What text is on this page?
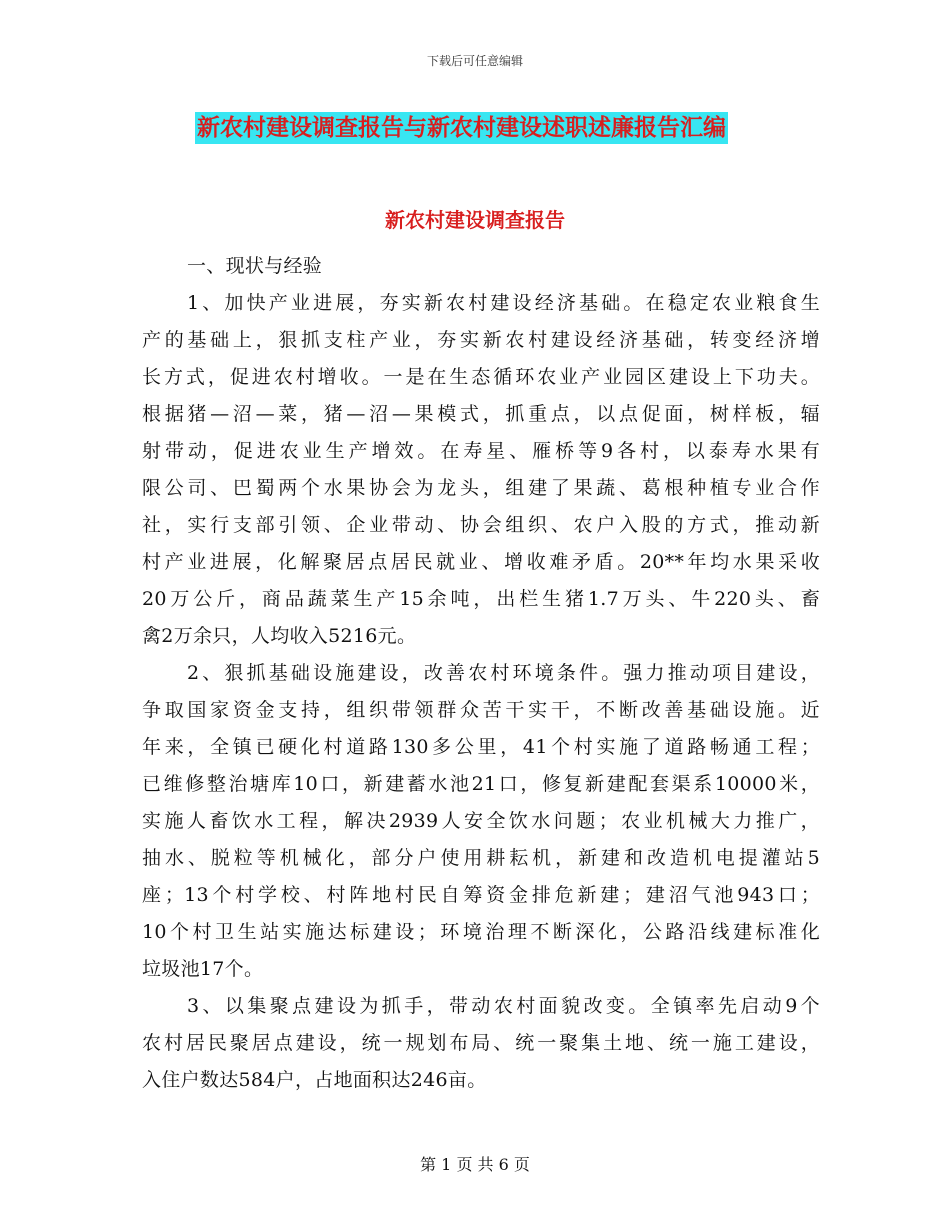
下载后可任意编辑
新农村建设调查报告与新农村建设述职述廉报告汇编
新农村建设调查报告
一、现状与经验
1、加快产业进展，夯实新农村建设经济基础。在稳定农业粮食生
产的基础上，狠抓支柱产业，夯实新农村建设经济基础，转变经济增
长方式，促进农村增收。一是在生态循环农业产业园区建设上下功夫。
根据猪—沼—菜，猪—沼—果模式，抓重点，以点促面，树样板，辐
射带动，促进农业生产增效。在寿星、雁桥等9各村，以泰寿水果有
限公司、巴蜀两个水果协会为龙头，组建了果蔬、葛根种植专业合作
社，实行支部引领、企业带动、协会组织、农户入股的方式，推动新
村产业进展，化解聚居点居民就业、增收难矛盾。20**年均水果采收
20万公斤，商品蔬菜生产15余吨，出栏生猪1.7万头、牛220头、畜
禽2万余只，人均收入5216元。
2、狠抓基础设施建设，改善农村环境条件。强力推动项目建设，
争取国家资金支持，组织带领群众苦干实干，不断改善基础设施。近
年来，全镇已硬化村道路130多公里，41个村实施了道路畅通工程；
已维修整治塘库10口，新建蓄水池21口，修复新建配套渠系10000米，
实施人畜饮水工程，解决2939人安全饮水问题；农业机械大力推广，
抽水、脱粒等机械化，部分户使用耕耘机，新建和改造机电提灌站5
座；13个村学校、村阵地村民自筹资金排危新建；建沼气池943口；
10个村卫生站实施达标建设；环境治理不断深化，公路沿线建标准化
垃圾池17个。
3、以集聚点建设为抓手，带动农村面貌改变。全镇率先启动9个
农村居民聚居点建设，统一规划布局、统一聚集土地、统一施工建设，
入住户数达584户，占地面积达246亩。
第 1 页 共 6 页
